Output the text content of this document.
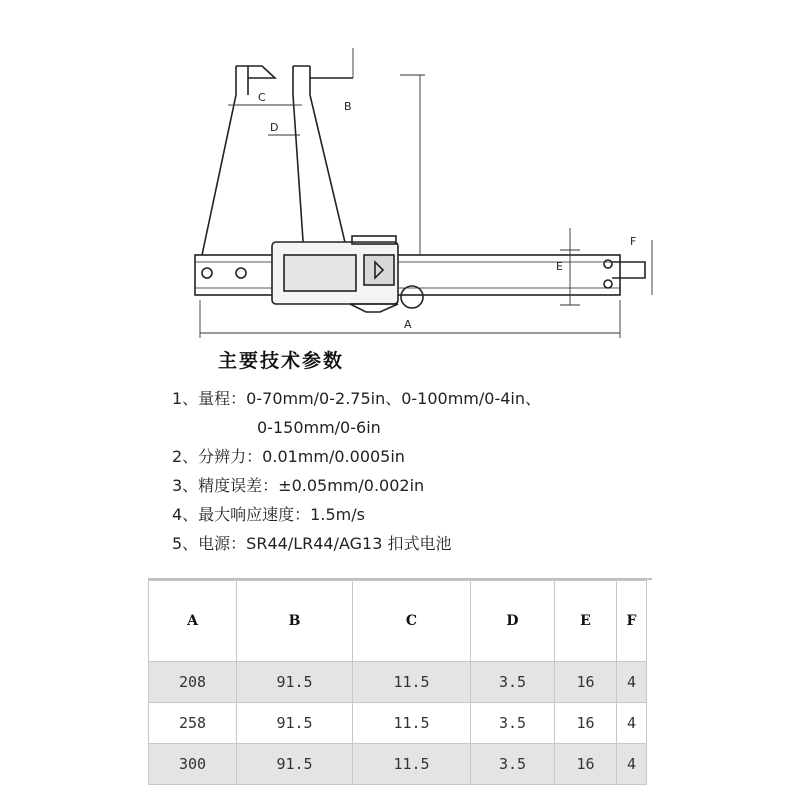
C
D
B
E
F
A
主要技术参数
1、量程：0-70mm/0-2.75in、0-100mm/0-4in、
0-150mm/0-6in
2、分辨力：0.01mm/0.0005in
3、精度误差：±0.05mm/0.002in
4、最大响应速度：1.5m/s
5、电源：SR44/LR44/AG13 扣式电池
A	B	C	D	E	F
208	91.5	11.5	3.5	16	4
258	91.5	11.5	3.5	16	4
300	91.5	11.5	3.5	16	4
